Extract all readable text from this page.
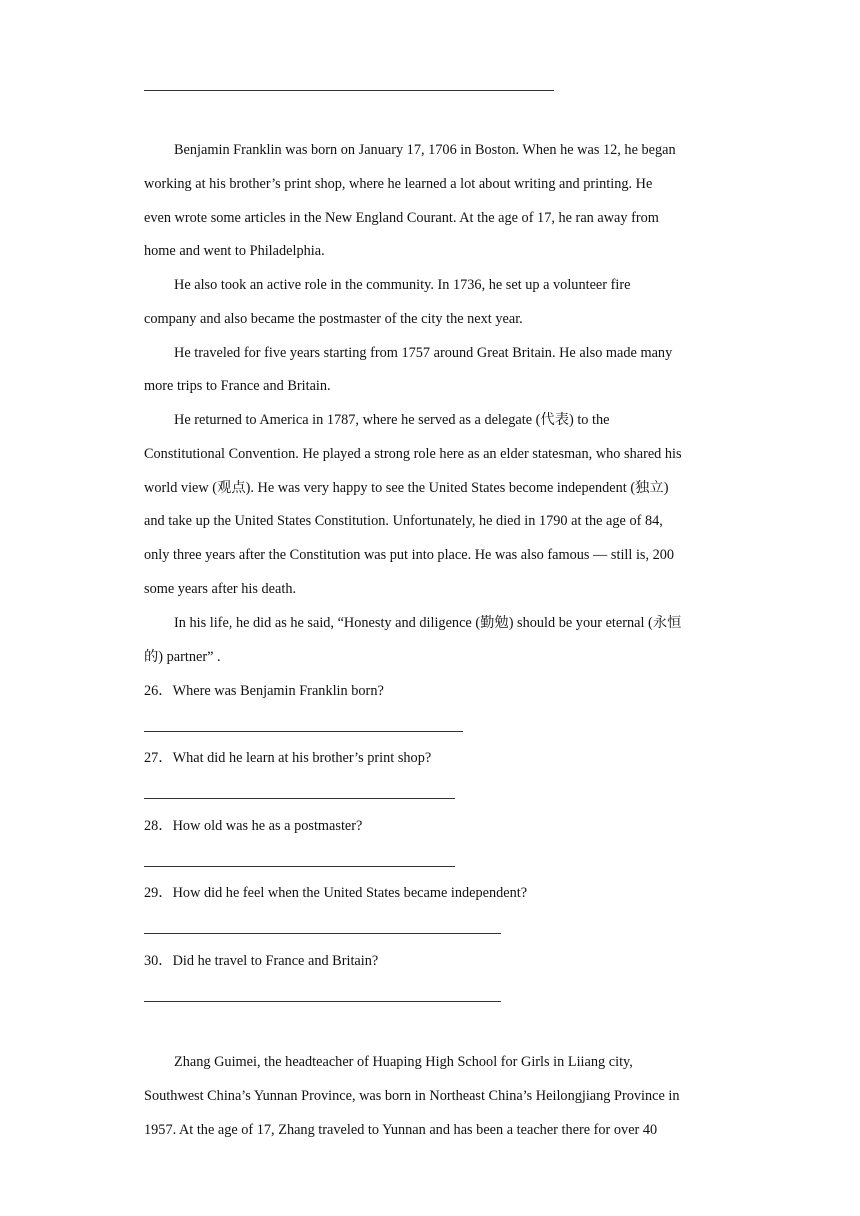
Benjamin Franklin was born on January 17, 1706 in Boston. When he was 12, he began
working at his brother’s print shop, where he learned a lot about writing and printing. He
even wrote some articles in the New England Courant. At the age of 17, he ran away from
home and went to Philadelphia.
He also took an active role in the community. In 1736, he set up a volunteer fire
company and also became the postmaster of the city the next year.
He traveled for five years starting from 1757 around Great Britain. He also made many
more trips to France and Britain.
He returned to America in 1787, where he served as a delegate (代表) to the
Constitutional Convention. He played a strong role here as an elder statesman, who shared his
world view (观点). He was very happy to see the United States become independent (独立)
and take up the United States Constitution. Unfortunately, he died in 1790 at the age of 84,
only three years after the Constitution was put into place. He was also famous — still is, 200
some years after his death.
In his life, he did as he said, “Honesty and diligence (勤勉) should be your eternal (永恒
的) partner” .
26．Where was Benjamin Franklin born?
27．What did he learn at his brother’s print shop?
28．How old was he as a postmaster?
29．How did he feel when the United States became independent?
30．Did he travel to France and Britain?
Zhang Guimei, the headteacher of Huaping High School for Girls in Liiang city,
Southwest China’s Yunnan Province, was born in Northeast China’s Heilongjiang Province in
1957. At the age of 17, Zhang traveled to Yunnan and has been a teacher there for over 40
